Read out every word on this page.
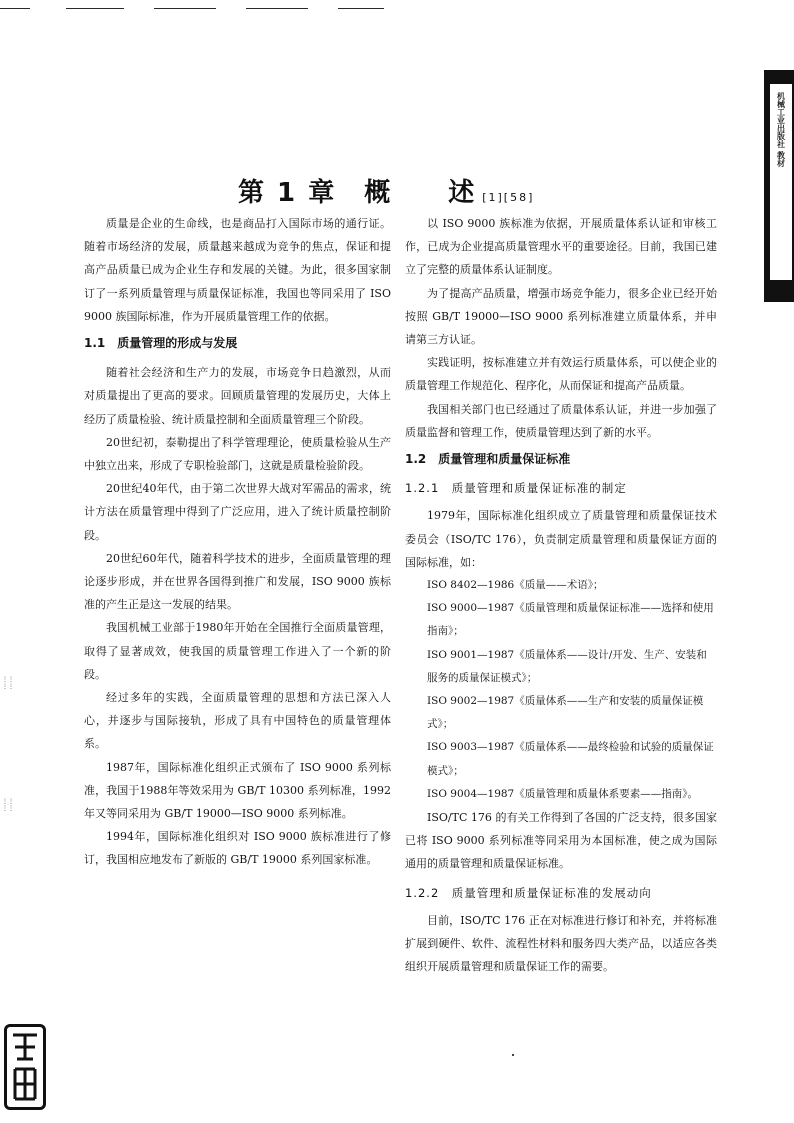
机械工业出版社 教材
第 1 章　概　　述 [1][58]
质量是企业的生命线，也是商品打入国际市场的通行证。随着市场经济的发展，质量越来越成为竞争的焦点，保证和提高产品质量已成为企业生存和发展的关键。为此，很多国家制订了一系列质量管理与质量保证标准，我国也等同采用了 ISO 9000 族国际标准，作为开展质量管理工作的依据。
1.1　质量管理的形成与发展
随着社会经济和生产力的发展，市场竞争日趋激烈，从而对质量提出了更高的要求。回顾质量管理的发展历史，大体上经历了质量检验、统计质量控制和全面质量管理三个阶段。
20世纪初，泰勒提出了科学管理理论，使质量检验从生产中独立出来，形成了专职检验部门，这就是质量检验阶段。
20世纪40年代，由于第二次世界大战对军需品的需求，统计方法在质量管理中得到了广泛应用，进入了统计质量控制阶段。
20世纪60年代，随着科学技术的进步，全面质量管理的理论逐步形成，并在世界各国得到推广和发展，ISO 9000 族标准的产生正是这一发展的结果。
我国机械工业部于1980年开始在全国推行全面质量管理，取得了显著成效，使我国的质量管理工作进入了一个新的阶段。
经过多年的实践，全面质量管理的思想和方法已深入人心，并逐步与国际接轨，形成了具有中国特色的质量管理体系。
1987年，国际标准化组织正式颁布了 ISO 9000 系列标准，我国于1988年等效采用为 GB/T 10300 系列标准，1992年又等同采用为 GB/T 19000—ISO 9000 系列标准。
1994年，国际标准化组织对 ISO 9000 族标准进行了修订，我国相应地发布了新版的 GB/T 19000 系列国家标准。
以 ISO 9000 族标准为依据，开展质量体系认证和审核工作，已成为企业提高质量管理水平的重要途径。目前，我国已建立了完整的质量体系认证制度。
为了提高产品质量，增强市场竞争能力，很多企业已经开始按照 GB/T 19000—ISO 9000 系列标准建立质量体系，并申请第三方认证。
实践证明，按标准建立并有效运行质量体系，可以使企业的质量管理工作规范化、程序化，从而保证和提高产品质量。
我国相关部门也已经通过了质量体系认证，并进一步加强了质量监督和管理工作，使质量管理达到了新的水平。
1.2　质量管理和质量保证标准
1.2.1　质量管理和质量保证标准的制定
1979年，国际标准化组织成立了质量管理和质量保证技术委员会（ISO/TC 176），负责制定质量管理和质量保证方面的国际标准，如：
ISO 8402—1986《质量——术语》；
ISO 9000—1987《质量管理和质量保证标准——选择和使用指南》；
ISO 9001—1987《质量体系——设计/开发、生产、安装和服务的质量保证模式》；
ISO 9002—1987《质量体系——生产和安装的质量保证模式》；
ISO 9003—1987《质量体系——最终检验和试验的质量保证模式》；
ISO 9004—1987《质量管理和质量体系要素——指南》。
ISO/TC 176 的有关工作得到了各国的广泛支持，很多国家已将 ISO 9000 系列标准等同采用为本国标准，使之成为国际通用的质量管理和质量保证标准。
1.2.2　质量管理和质量保证标准的发展动向
目前，ISO/TC 176 正在对标准进行修订和补充，并将标准扩展到硬件、软件、流程性材料和服务四大类产品，以适应各类组织开展质量管理和质量保证工作的需要。
⋮⋮
⋮⋮
⋮⋮
⋮⋮
